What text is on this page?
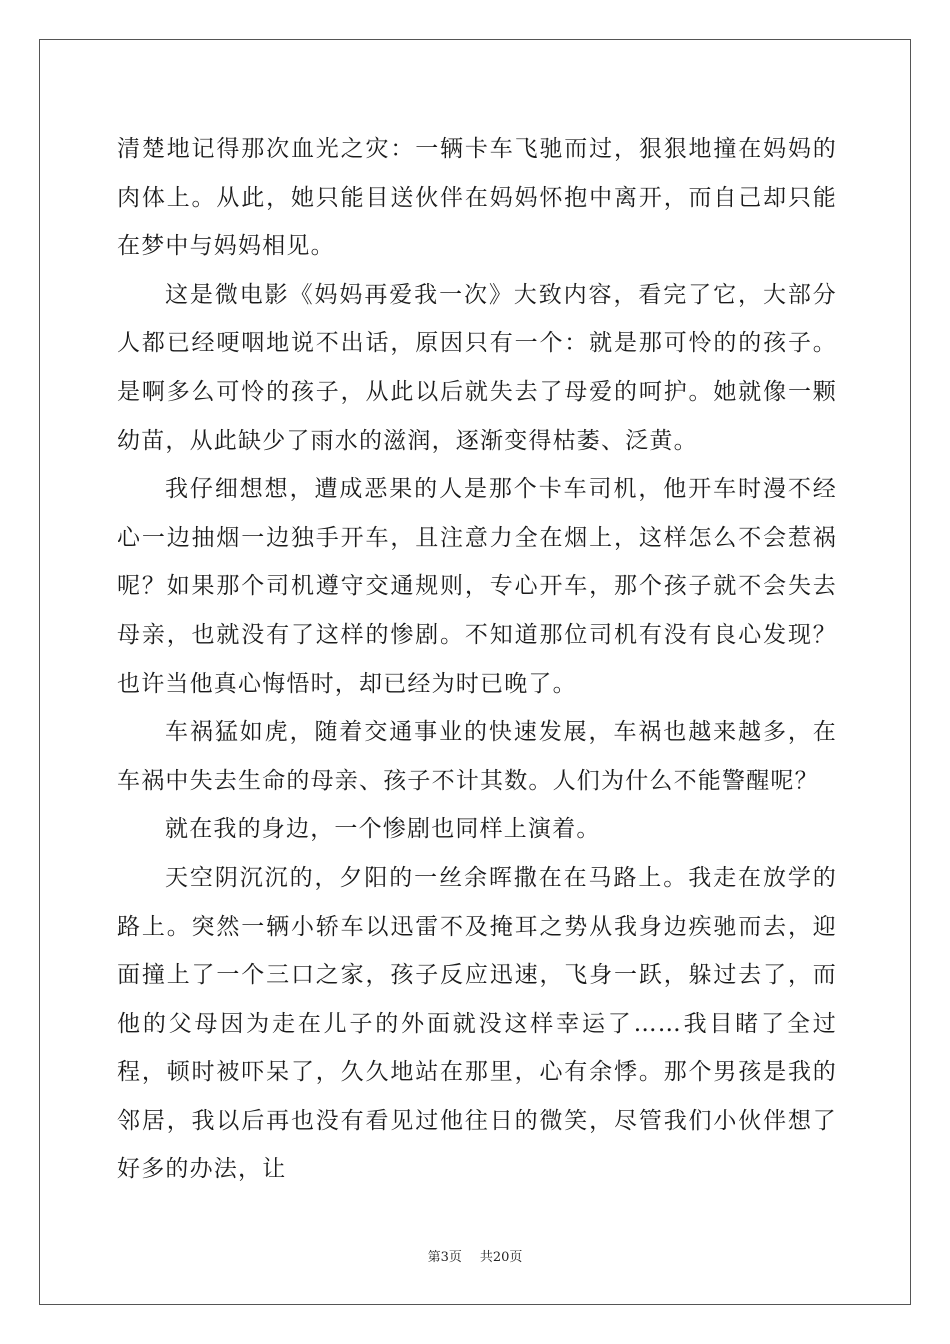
清楚地记得那次血光之灾：一辆卡车飞驰而过，狠狠地撞在妈妈的肉体上。从此，她只能目送伙伴在妈妈怀抱中离开，而自己却只能在梦中与妈妈相见。

这是微电影《妈妈再爱我一次》大致内容，看完了它，大部分人都已经哽咽地说不出话，原因只有一个：就是那可怜的的孩子。是啊多么可怜的孩子，从此以后就失去了母爱的呵护。她就像一颗幼苗，从此缺少了雨水的滋润，逐渐变得枯萎、泛黄。

我仔细想想，遭成恶果的人是那个卡车司机，他开车时漫不经心一边抽烟一边独手开车，且注意力全在烟上，这样怎么不会惹祸呢？如果那个司机遵守交通规则，专心开车，那个孩子就不会失去母亲，也就没有了这样的惨剧。不知道那位司机有没有良心发现？也许当他真心悔悟时，却已经为时已晚了。

车祸猛如虎，随着交通事业的快速发展，车祸也越来越多，在车祸中失去生命的母亲、孩子不计其数。人们为什么不能警醒呢？

就在我的身边，一个惨剧也同样上演着。

天空阴沉沉的，夕阳的一丝余晖撒在在马路上。我走在放学的路上。突然一辆小轿车以迅雷不及掩耳之势从我身边疾驰而去，迎面撞上了一个三口之家，孩子反应迅速，飞身一跃，躲过去了，而他的父母因为走在儿子的外面就没这样幸运了……我目睹了全过程，顿时被吓呆了，久久地站在那里，心有余悸。那个男孩是我的邻居，我以后再也没有看见过他往日的微笑，尽管我们小伙伴想了好多的办法，让

第3页 共20页
